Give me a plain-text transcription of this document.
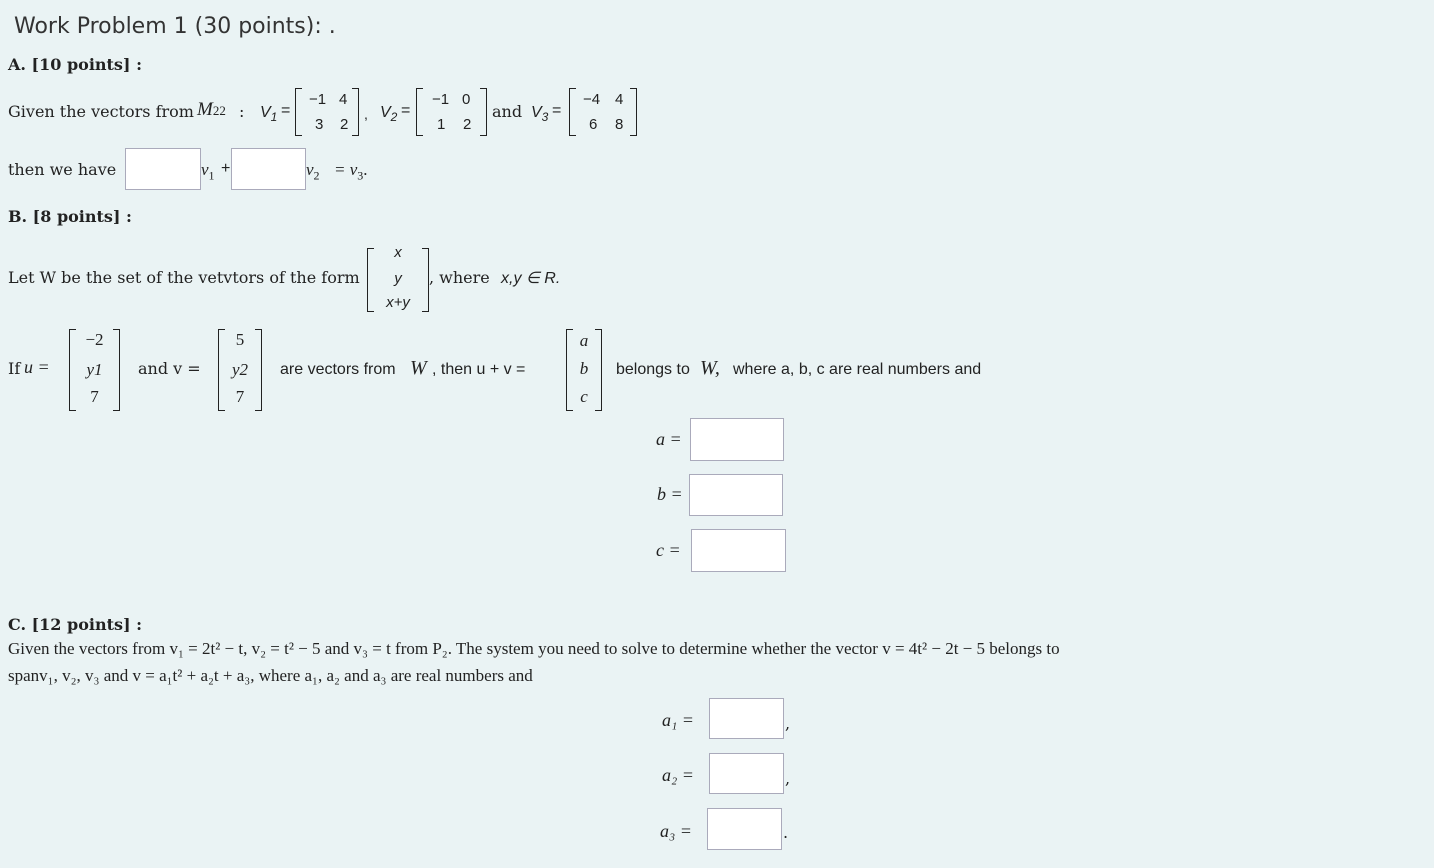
Work Problem 1 (30 points): .
A. [10 points] :
Given the vectors from M22 : $V_1$ =
−1 4
3 2
, $V_2$ =
−1 0
1 2
and $V_3$ =
−4 4
6 8
then we have	$v_1$ +	$v_2 = v_3$.
B. [8 points] :
Let W be the set of the vetvtors of the form
x
y
x+y
, where x,y ∈ R.
If u =
−2
y1
7
and v =
5
y2
7
are vectors from W , then u + v =
a
b
c
belongs to W, where a, b, c are real numbers and
a =
b =
c =
C. [12 points] :
Given the vectors from v₁ = 2t² − t, v₂ = t² − 5 and v₃ = t from P₂. The system you need to solve to determine whether the vector v = 4t² − 2t − 5 belongs to
spanv₁, v₂, v₃ and v = a₁t² + a₂t + a₃, where a₁, a₂ and a₃ are real numbers and
a₁ =	,
a₂ =	,
a₃ =	.
